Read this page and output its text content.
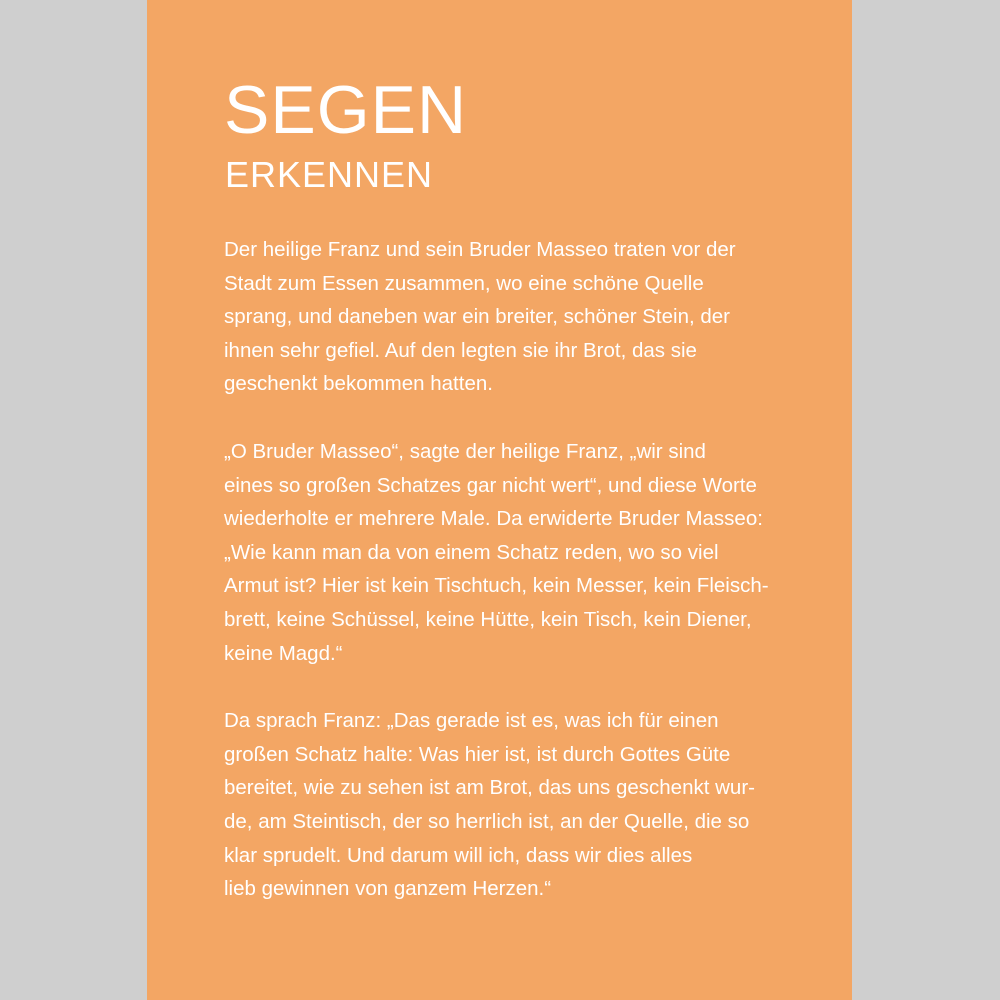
SEGEN
ERKENNEN

Der heilige Franz und sein Bruder Masseo traten vor der
Stadt zum Essen zusammen, wo eine schöne Quelle
sprang, und daneben war ein breiter, schöner Stein, der
ihnen sehr gefiel. Auf den legten sie ihr Brot, das sie
geschenkt bekommen hatten.

„O Bruder Masseo“, sagte der heilige Franz, „wir sind
eines so großen Schatzes gar nicht wert“, und diese Worte
wiederholte er mehrere Male. Da erwiderte Bruder Masseo:
„Wie kann man da von einem Schatz reden, wo so viel
Armut ist? Hier ist kein Tischtuch, kein Messer, kein Fleisch-
brett, keine Schüssel, keine Hütte, kein Tisch, kein Diener,
keine Magd.“

Da sprach Franz: „Das gerade ist es, was ich für einen
großen Schatz halte: Was hier ist, ist durch Gottes Güte
bereitet, wie zu sehen ist am Brot, das uns geschenkt wur-
de, am Steintisch, der so herrlich ist, an der Quelle, die so
klar sprudelt. Und darum will ich, dass wir dies alles
lieb gewinnen von ganzem Herzen.“
